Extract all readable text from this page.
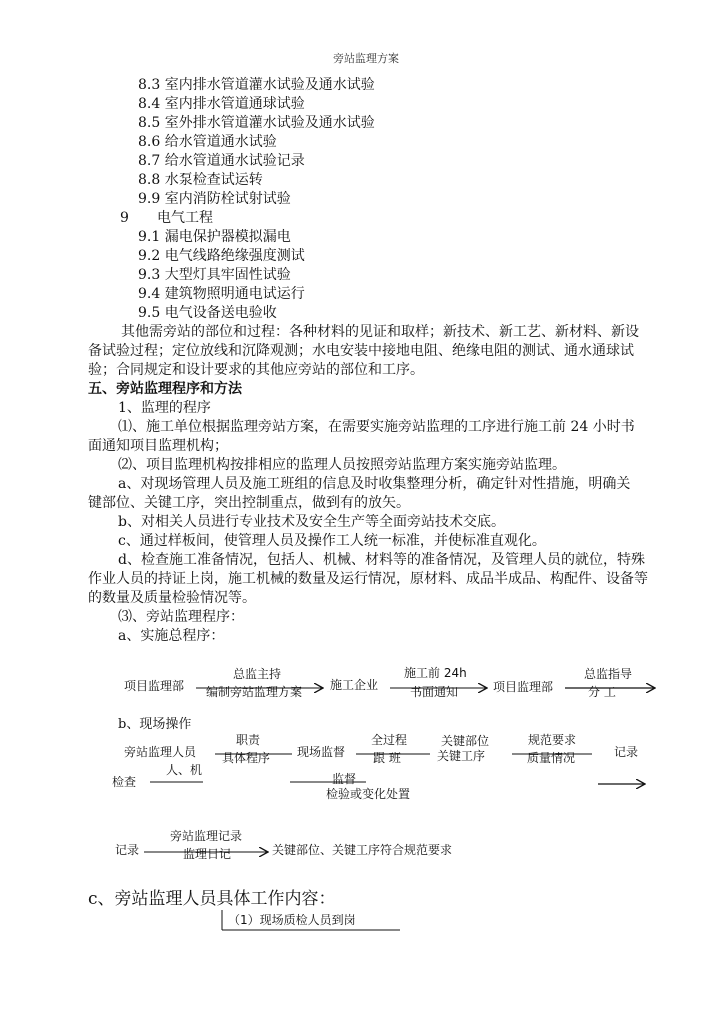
旁站监理方案
8.3 室内排水管道灌水试验及通水试验
8.4 室内排水管道通球试验
8.5 室外排水管道灌水试验及通水试验
8.6 给水管道通水试验
8.7 给水管道通水试验记录
8.8 水泵检查试运转
9.9 室内消防栓试射试验
9 电气工程
9.1 漏电保护器模拟漏电
9.2 电气线路绝缘强度测试
9.3 大型灯具牢固性试验
9.4 建筑物照明通电试运行
9.5 电气设备送电验收
其他需旁站的部位和过程：各种材料的见证和取样；新技术、新工艺、新材料、新设
备试验过程；定位放线和沉降观测；水电安装中接地电阻、绝缘电阻的测试、通水通球试
验；合同规定和设计要求的其他应旁站的部位和工序。
五、旁站监理程序和方法
1、监理的程序
⑴、施工单位根据监理旁站方案，在需要实施旁站监理的工序进行施工前 24 小时书
面通知项目监理机构；
⑵、项目监理机构按排相应的监理人员按照旁站监理方案实施旁站监理。
a、对现场管理人员及施工班组的信息及时收集整理分析，确定针对性措施，明确关
键部位、关键工序，突出控制重点，做到有的放矢。
b、对相关人员进行专业技术及安全生产等全面旁站技术交底。
c、通过样板间，使管理人员及操作工人统一标准，并使标准直观化。
d、检查施工准备情况，包括人、机械、材料等的准备情况，及管理人员的就位，特殊
作业人员的持证上岗，施工机械的数量及运行情况，原材料、成品半成品、构配件、设备等
的数量及质量检验情况等。
⑶、旁站监理程序：
a、实施总程序：
项目监理部
总监主持
编制旁站监理方案 施工企业
施工前 24h
书面通知	项目监理部
总监指导
分 工
b、现场操作
旁站监理人员
人、机
检查
职责
具体程序 现场监督
全过程
跟 班
关键部位
关键工序
规范要求
质量情况	记录
监督
检验或变化处置
记录
旁站监理记录
监理日记	关键部位、关键工序符合规范要求
c、旁站监理人员具体工作内容：
（1）现场质检人员到岗
